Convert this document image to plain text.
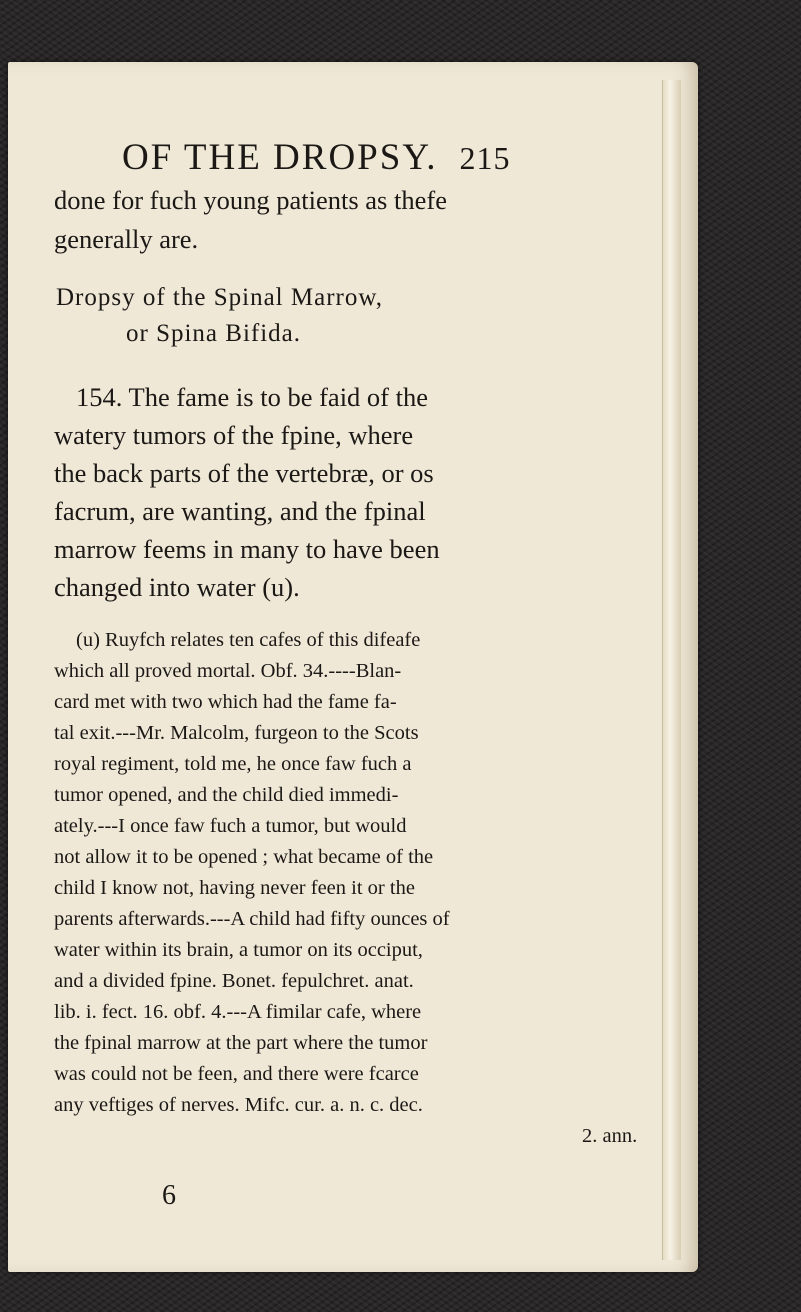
OF THE DROPSY. 215
done for fuch young patients as thefe
generally are.
Dropsy of the Spinal Marrow,
or Spina Bifida.
154. The fame is to be faid of the
watery tumors of the fpine, where
the back parts of the vertebræ, or os
facrum, are wanting, and the fpinal
marrow feems in many to have been
changed into water (u).
(u) Ruyfch relates ten cafes of this difeafe
which all proved mortal. Obf. 34.----Blan-
card met with two which had the fame fa-
tal exit.---Mr. Malcolm, furgeon to the Scots
royal regiment, told me, he once faw fuch a
tumor opened, and the child died immedi-
ately.---I once faw fuch a tumor, but would
not allow it to be opened ; what became of the
child I know not, having never feen it or the
parents afterwards.---A child had fifty ounces of
water within its brain, a tumor on its occiput,
and a divided fpine. Bonet. fepulchret. anat.
lib. i. fect. 16. obf. 4.---A fimilar cafe, where
the fpinal marrow at the part where the tumor
was could not be feen, and there were fcarce
any veftiges of nerves. Mifc. cur. a. n. c. dec.
2. ann.
6
